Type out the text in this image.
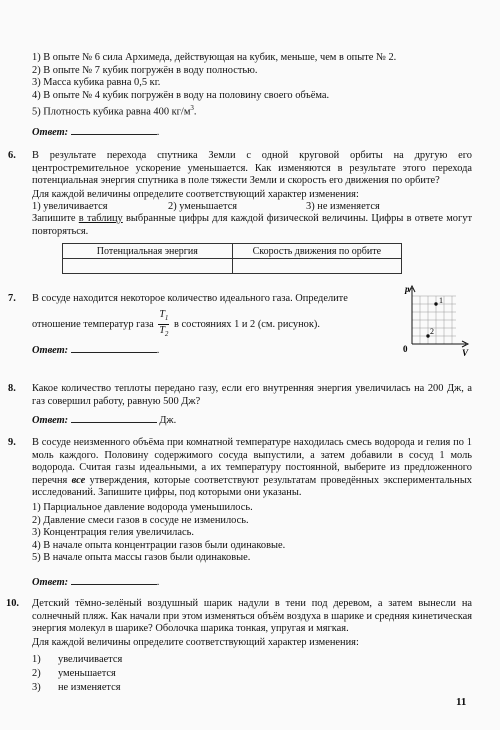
1) В опыте № 6 сила Архимеда, действующая на кубик, меньше, чем в опыте № 2.
2) В опыте № 7 кубик погружён в воду полностью.
3) Масса кубика равна 0,5 кг.
4) В опыте № 4 кубик погружён в воду на половину своего объёма.
5) Плотность кубика равна 400 $кг/м^3$.
Ответ:	.
6. В результате перехода спутника Земли с одной круговой орбиты на другую его центростремительное ускорение уменьшается. Как изменяются в результате этого перехода потенциальная энергия спутника в поле тяжести Земли и скорость его движения по орбите?
Для каждой величины определите соответствующий характер изменения:
1) увеличивается	2) уменьшается	3) не изменяется
Запишите в таблицу выбранные цифры для каждой физической величины. Цифры в ответе могут повторяться.
Потенциальная энергия	Скорость движения по орбите

7. В сосуде находится некоторое количество идеального газа. Определите
отношение температур газа $\frac{T_1}{T_2}$ в состояниях 1 и 2 (см. рисунок).
Ответ:	.
p
V
0
1
2
8. Какое количество теплоты передано газу, если его внутренняя энергия увеличилась на 200 Дж, а газ совершил работу, равную 500 Дж?
Ответ:	Дж.
9. В сосуде неизменного объёма при комнатной температуре находилась смесь водорода и гелия по 1 моль каждого. Половину содержимого сосуда выпустили, а затем добавили в сосуд 1 моль водорода. Считая газы идеальными, а их температуру постоянной, выберите из предложенного перечня все утверждения, которые соответствуют результатам проведённых экспериментальных исследований. Запишите цифры, под которыми они указаны.
1) Парциальное давление водорода уменьшилось.
2) Давление смеси газов в сосуде не изменилось.
3) Концентрация гелия увеличилась.
4) В начале опыта концентрации газов были одинаковые.
5) В начале опыта массы газов были одинаковые.
Ответ:	.
10. Детский тёмно-зелёный воздушный шарик надули в тени под деревом, а затем вынесли на солнечный пляж. Как начали при этом изменяться объём воздуха в шарике и средняя кинетическая энергия молекул в шарике? Оболочка шарика тонкая, упругая и мягкая.
Для каждой величины определите соответствующий характер изменения:
1) увеличивается
2) уменьшается
3) не изменяется
11
